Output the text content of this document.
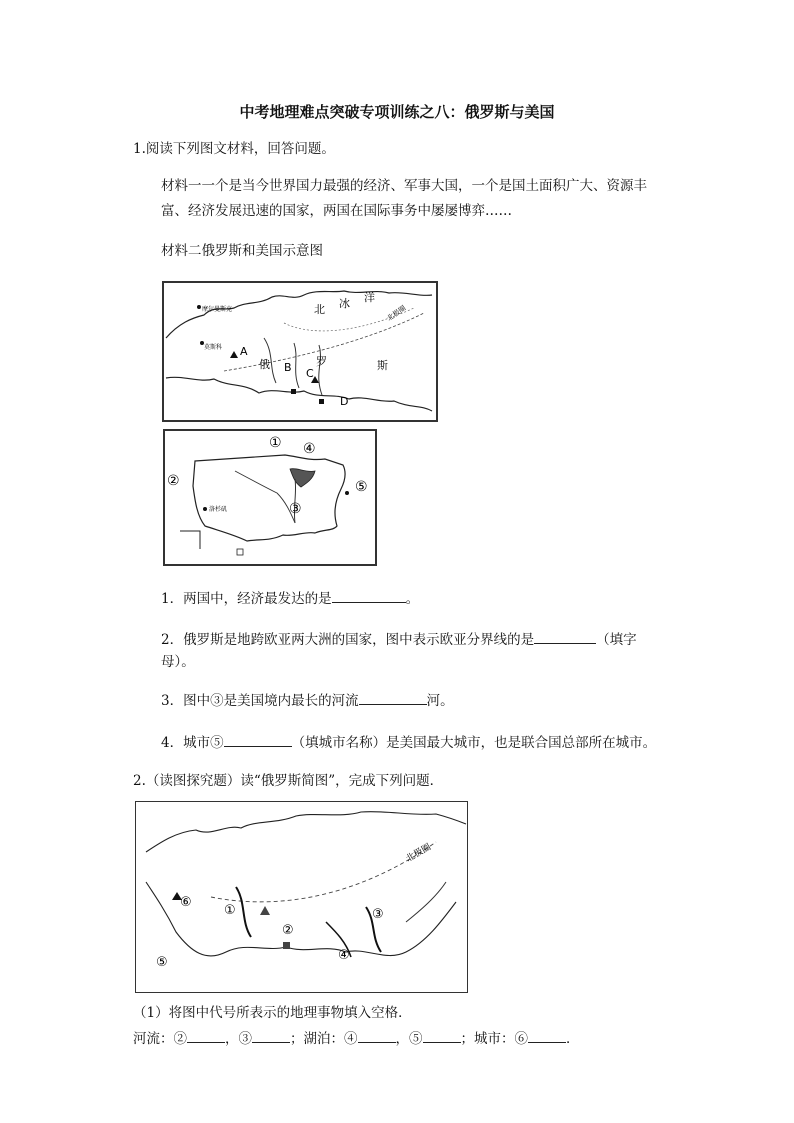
中考地理难点突破专项训练之八：俄罗斯与美国
1.阅读下列图文材料，回答问题。
材料一一个是当今世界国力最强的经济、军事大国，一个是国土面积广大、资源丰
富、经济发展迅速的国家，两国在国际事务中屡屡博弈……
材料二俄罗斯和美国示意图
摩尔曼斯克	北 冰 洋
北极圈
莫斯科 A
B C
D
俄	罗	斯
①
②
③
④
⑤
洛杉矶
1．两国中，经济最发达的是	。
2．俄罗斯是地跨欧亚两大洲的国家，图中表示欧亚分界线的是	（填字
母）。
3．图中③是美国境内最长的河流	河。
4．城市⑤	（填城市名称）是美国最大城市，也是联合国总部所在城市。
2.（读图探究题）读“俄罗斯简图”，完成下列问题．
北极圈
①
②
③
④
⑤
⑥
（1）将图中代号所表示的地理事物填入空格．
河流：②	，③	；湖泊：④	，⑤	；城市：⑥	．
